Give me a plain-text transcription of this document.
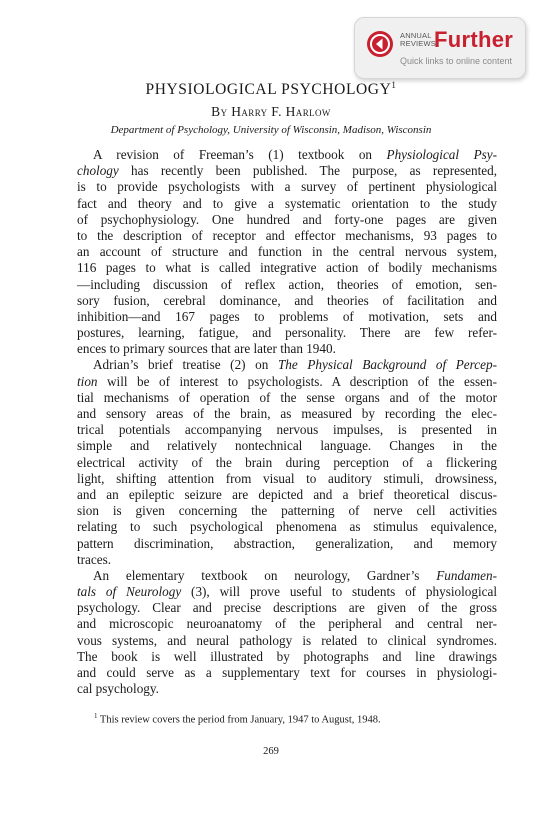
ANNUAL
REVIEWS
Further
Quick links to online content
PHYSIOLOGICAL PSYCHOLOGY$^1$
By Harry F. Harlow
Department of Psychology, University of Wisconsin, Madison, Wisconsin
A revision of Freeman’s (1) textbook on Physiological Psy-
chology has recently been published. The purpose, as represented,
is to provide psychologists with a survey of pertinent physiological
fact and theory and to give a systematic orientation to the study
of psychophysiology. One hundred and forty-one pages are given
to the description of receptor and effector mechanisms, 93 pages to
an account of structure and function in the central nervous system,
116 pages to what is called integrative action of bodily mechanisms
—including discussion of reflex action, theories of emotion, sen-
sory fusion, cerebral dominance, and theories of facilitation and
inhibition—and 167 pages to problems of motivation, sets and
postures, learning, fatigue, and personality. There are few refer-
ences to primary sources that are later than 1940.
Adrian’s brief treatise (2) on The Physical Background of Percep-
tion will be of interest to psychologists. A description of the essen-
tial mechanisms of operation of the sense organs and of the motor
and sensory areas of the brain, as measured by recording the elec-
trical potentials accompanying nervous impulses, is presented in
simple and relatively nontechnical language. Changes in the
electrical activity of the brain during perception of a flickering
light, shifting attention from visual to auditory stimuli, drowsiness,
and an epileptic seizure are depicted and a brief theoretical discus-
sion is given concerning the patterning of nerve cell activities
relating to such psychological phenomena as stimulus equivalence,
pattern discrimination, abstraction, generalization, and memory
traces.
An elementary textbook on neurology, Gardner’s Fundamen-
tals of Neurology (3), will prove useful to students of physiological
psychology. Clear and precise descriptions are given of the gross
and microscopic neuroanatomy of the peripheral and central ner-
vous systems, and neural pathology is related to clinical syndromes.
The book is well illustrated by photographs and line drawings
and could serve as a supplementary text for courses in physiologi-
cal psychology.
$^1$ This review covers the period from January, 1947 to August, 1948.
269
